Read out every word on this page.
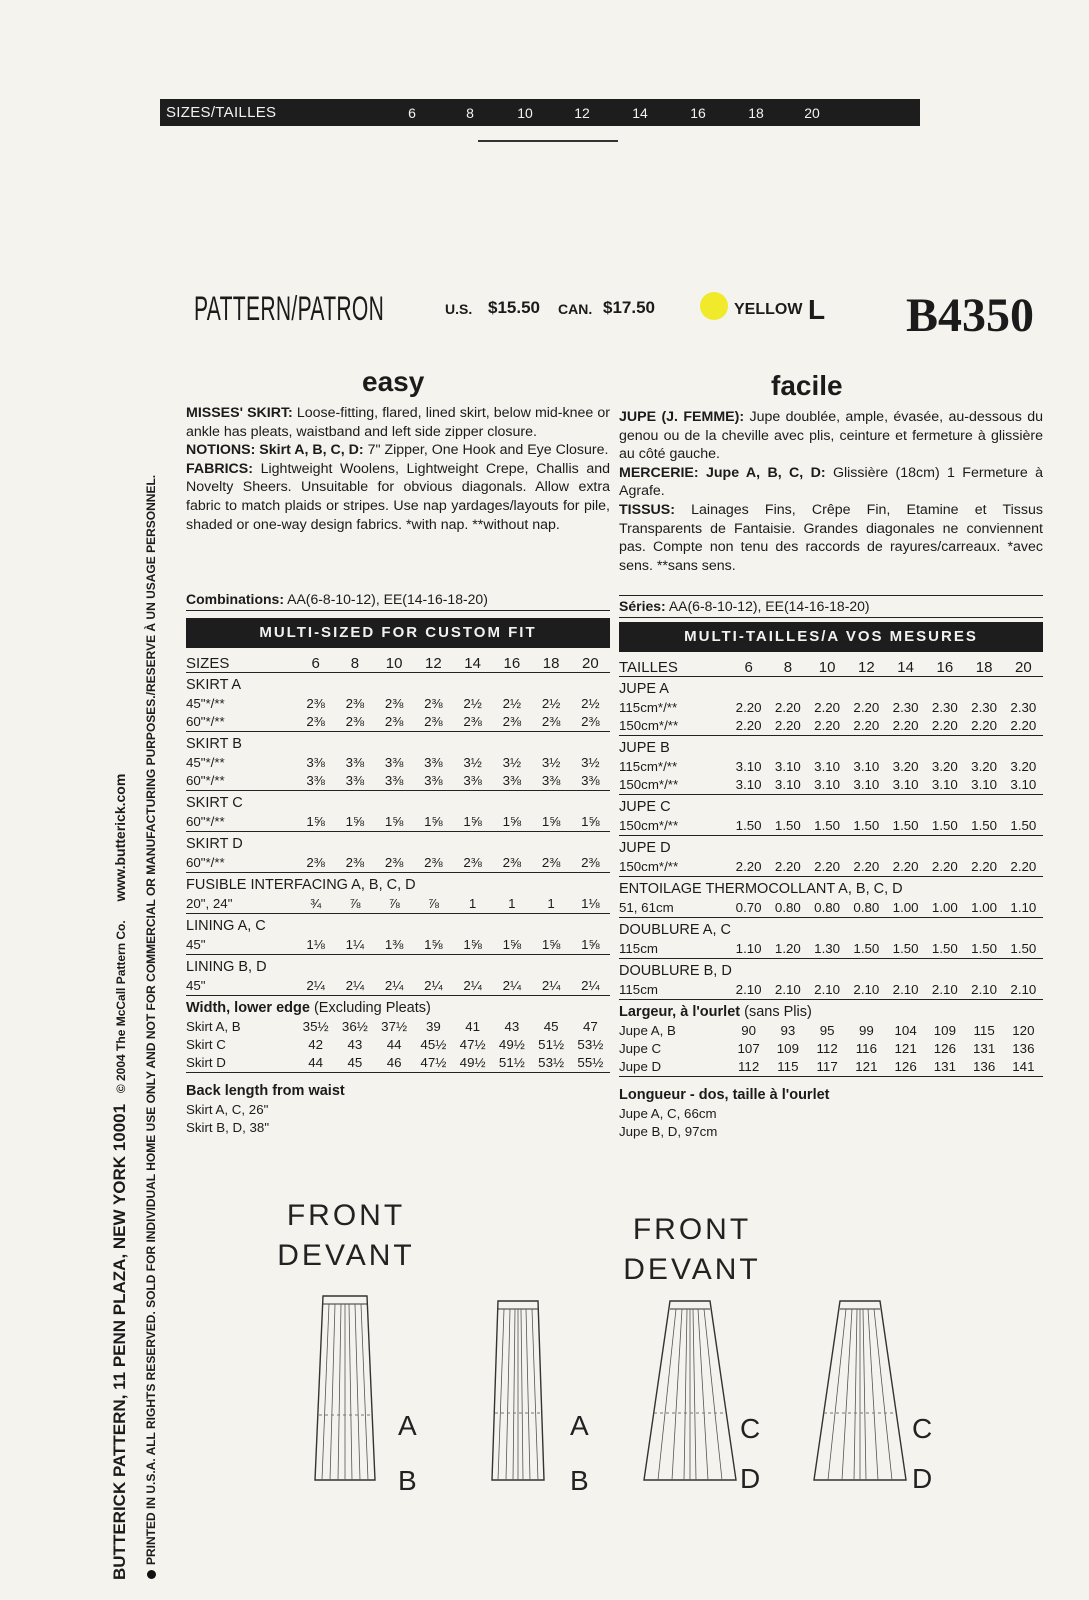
SIZES/TAILLES	6	8	10	12	14	16	18	20
PATTERN/PATRON	U.S. $15.50 CAN. $17.50	YELLOW L B4350
easy	facile
MISSES' SKIRT: Loose-fitting, flared, lined skirt, below mid-knee or ankle has pleats, waistband and left side zipper closure.
NOTIONS: Skirt A, B, C, D: 7" Zipper, One Hook and Eye Closure.
FABRICS: Lightweight Woolens, Lightweight Crepe, Challis and Novelty Sheers. Unsuitable for obvious diagonals. Allow extra fabric to match plaids or stripes. Use nap yardages/layouts for pile, shaded or one-way design fabrics. *with nap. **without nap.
Combinations: AA(6-8-10-12), EE(14-16-18-20)
JUPE (J. FEMME): Jupe doublée, ample, évasée, au-dessous du genou ou de la cheville avec plis, ceinture et fermeture à glissière au côté gauche.
MERCERIE: Jupe A, B, C, D: Glissière (18cm) 1 Fermeture à Agrafe.
TISSUS: Lainages Fins, Crêpe Fin, Etamine et Tissus Transparents de Fantaisie. Grandes diagonales ne conviennent pas. Compte non tenu des raccords de rayures/carreaux. *avec sens. **sans sens.
Séries: AA(6-8-10-12), EE(14-16-18-20)
MULTI-SIZED FOR CUSTOM FIT	MULTI-TAILLES/A VOS MESURES
SIZES	6	8	10	12	14	16	18	20
SKIRT A								
45"*/**	2⅜	2⅜	2⅜	2⅜	2½	2½	2½	2½
60"*/**	2⅜	2⅜	2⅜	2⅜	2⅜	2⅜	2⅜	2⅜
SKIRT B								
45"*/**	3⅜	3⅜	3⅜	3⅜	3½	3½	3½	3½
60"*/**	3⅜	3⅜	3⅜	3⅜	3⅜	3⅜	3⅜	3⅜
SKIRT C								
60"*/**	1⅝	1⅝	1⅝	1⅝	1⅝	1⅝	1⅝	1⅝
SKIRT D								
60"*/**	2⅜	2⅜	2⅜	2⅜	2⅜	2⅜	2⅜	2⅜
FUSIBLE INTERFACING A, B, C, D								
20", 24"	¾	⅞	⅞	⅞	1	1	1	1⅛
LINING A, C								
45"	1⅛	1¼	1⅜	1⅝	1⅝	1⅝	1⅝	1⅝
LINING B, D								
45"	2¼	2¼	2¼	2¼	2¼	2¼	2¼	2¼
Width, lower edge (Excluding Pleats)								
Skirt A, B	35½	36½	37½	39	41	43	45	47
Skirt C	42	43	44	45½	47½	49½	51½	53½
Skirt D	44	45	46	47½	49½	51½	53½	55½
Back length from waist								
Skirt A, C, 26"								
Skirt B, D, 38"								
TAILLES	6	8	10	12	14	16	18	20
JUPE A								
115cm*/**	2.20	2.20	2.20	2.20	2.30	2.30	2.30	2.30
150cm*/**	2.20	2.20	2.20	2.20	2.20	2.20	2.20	2.20
JUPE B								
115cm*/**	3.10	3.10	3.10	3.10	3.20	3.20	3.20	3.20
150cm*/**	3.10	3.10	3.10	3.10	3.10	3.10	3.10	3.10
JUPE C								
150cm*/**	1.50	1.50	1.50	1.50	1.50	1.50	1.50	1.50
JUPE D								
150cm*/**	2.20	2.20	2.20	2.20	2.20	2.20	2.20	2.20
ENTOILAGE THERMOCOLLANT A, B, C, D								
51, 61cm	0.70	0.80	0.80	0.80	1.00	1.00	1.00	1.10
DOUBLURE A, C								
115cm	1.10	1.20	1.30	1.50	1.50	1.50	1.50	1.50
DOUBLURE B, D								
115cm	2.10	2.10	2.10	2.10	2.10	2.10	2.10	2.10
Largeur, à l'ourlet (sans Plis)								
Jupe A, B	90	93	95	99	104	109	115	120
Jupe C	107	109	112	116	121	126	131	136
Jupe D	112	115	117	121	126	131	136	141
Longueur - dos, taille à l'ourlet								
Jupe A, C, 66cm								
Jupe B, D, 97cm								
BUTTERICK PATTERN, 11 PENN PLAZA, NEW YORK 10001 © 2004 The McCall Pattern Co. www.butterick.com PRINTED IN U.S.A. ALL RIGHTS RESERVED. SOLD FOR INDIVIDUAL HOME USE ONLY AND NOT FOR COMMERCIAL OR MANUFACTURING PURPOSES./RESERVE À UN USAGE PERSONNEL.	FRONT
DEVANT
FRONT
DEVANT
A
B
A
B
C
D
C
D
